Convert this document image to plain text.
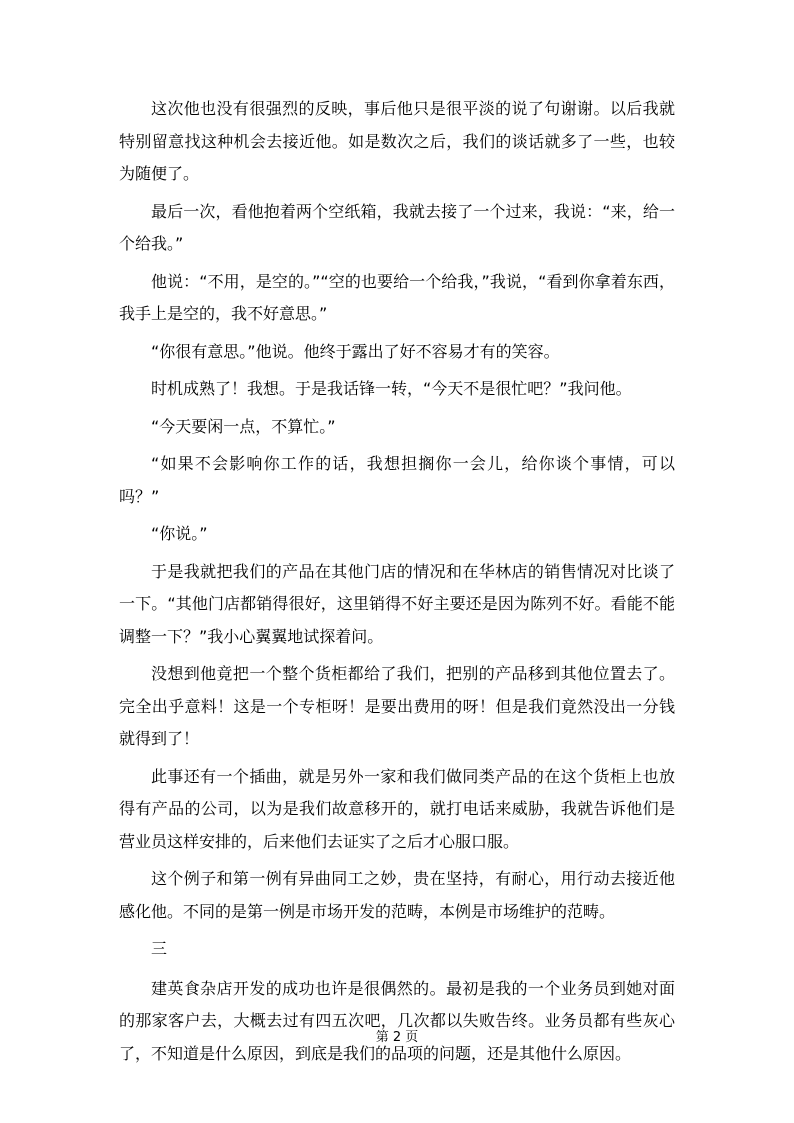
这次他也没有很强烈的反映，事后他只是很平淡的说了句谢谢。以后我就特别留意找这种机会去接近他。如是数次之后，我们的谈话就多了一些，也较为随便了。

最后一次，看他抱着两个空纸箱，我就去接了一个过来，我说：“来，给一个给我。”

他说：“不用，是空的。”“空的也要给一个给我，”我说，“看到你拿着东西，我手上是空的，我不好意思。”

“你很有意思。”他说。他终于露出了好不容易才有的笑容。

时机成熟了！我想。于是我话锋一转，“今天不是很忙吧？”我问他。

“今天要闲一点，不算忙。”

“如果不会影响你工作的话，我想担搁你一会儿，给你谈个事情，可以吗？”

“你说。”

于是我就把我们的产品在其他门店的情况和在华林店的销售情况对比谈了一下。“其他门店都销得很好，这里销得不好主要还是因为陈列不好。看能不能调整一下？”我小心翼翼地试探着问。

没想到他竟把一个整个货柜都给了我们，把别的产品移到其他位置去了。完全出乎意料！这是一个专柜呀！是要出费用的呀！但是我们竟然没出一分钱就得到了！

此事还有一个插曲，就是另外一家和我们做同类产品的在这个货柜上也放得有产品的公司，以为是我们故意移开的，就打电话来威胁，我就告诉他们是营业员这样安排的，后来他们去证实了之后才心服口服。

这个例子和第一例有异曲同工之妙，贵在坚持，有耐心，用行动去接近他感化他。不同的是第一例是市场开发的范畴，本例是市场维护的范畴。

三

建英食杂店开发的成功也许是很偶然的。最初是我的一个业务员到她对面的那家客户去，大概去过有四五次吧，几次都以失败告终。业务员都有些灰心了，不知道是什么原因，到底是我们的品项的问题，还是其他什么原因。

第 2 页
